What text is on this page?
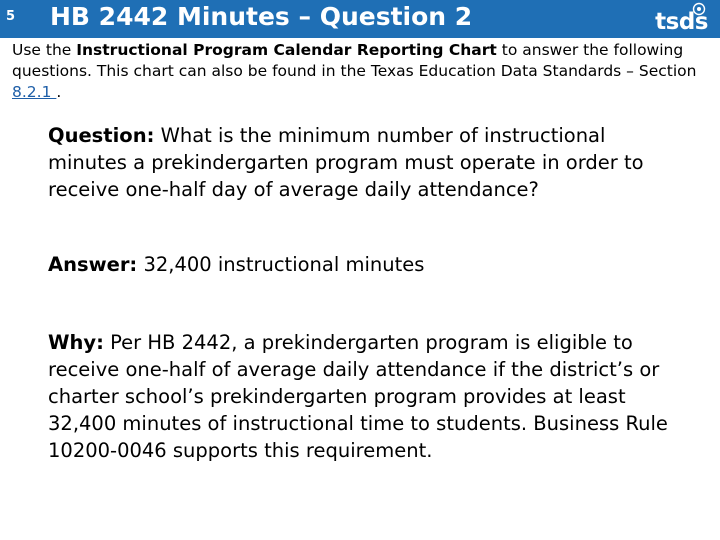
5 HB 2442 Minutes – Question 2	tsds
Use the Instructional Program Calendar Reporting Chart to answer the following questions. This chart can also be found in the Texas Education Data Standards – Section 8.2.1 .
Question: What is the minimum number of instructional minutes a prekindergarten program must operate in order to receive one-half day of average daily attendance?
Answer: 32,400 instructional minutes
Why: Per HB 2442, a prekindergarten program is eligible to receive one-half of average daily attendance if the district’s or charter school’s prekindergarten program provides at least 32,400 minutes of instructional time to students. Business Rule 10200-0046 supports this requirement.
